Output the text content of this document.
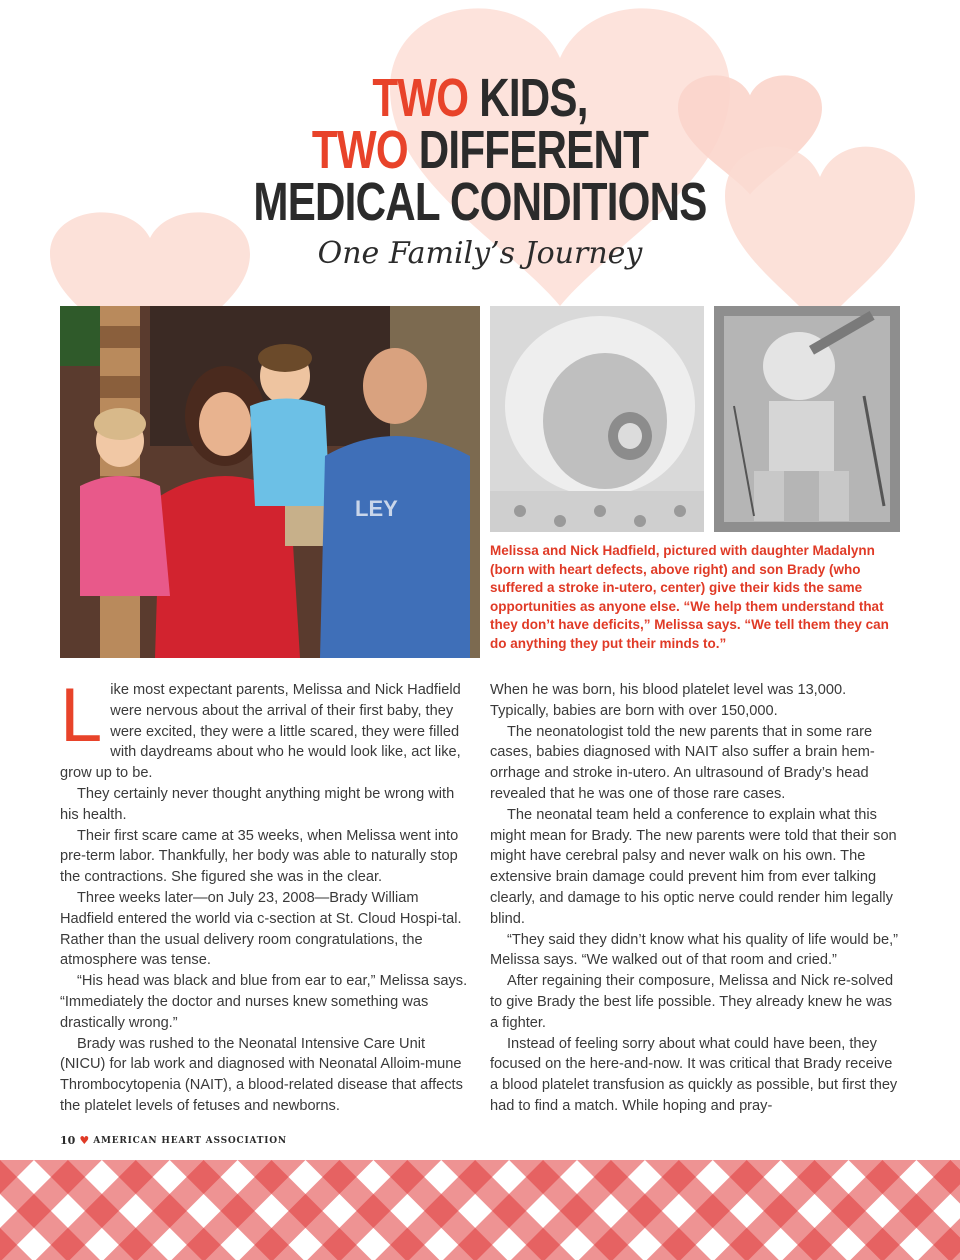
TWO KIDS,
TWO DIFFERENT
MEDICAL CONDITIONS
One Family’s Journey
LEY
Melissa and Nick Hadfield, pictured with daughter Madalynn (born with heart defects, above right) and son Brady (who suffered a stroke in-utero, center) give their kids the same opportunities as anyone else. “We help them understand that they don’t have deficits,” Melissa says. “We tell them they can do anything they put their minds to.”

Like most expectant parents, Melissa and Nick Hadfield were nervous about the arrival of their first baby, they were excited, they were a little scared, they were filled with daydreams about who he would look like, act like, grow up to be.

They certainly never thought anything might be wrong with his health.

Their first scare came at 35 weeks, when Melissa went into pre-term labor. Thankfully, her body was able to naturally stop the contractions. She figured she was in the clear.

Three weeks later—on July 23, 2008—Brady William Hadfield entered the world via c-section at St. Cloud Hospi-tal. Rather than the usual delivery room congratulations, the atmosphere was tense.

“His head was black and blue from ear to ear,” Melissa says. “Immediately the doctor and nurses knew something was drastically wrong.”

Brady was rushed to the Neonatal Intensive Care Unit (NICU) for lab work and diagnosed with Neonatal Alloim-mune Thrombocytopenia (NAIT), a blood-related disease that affects the platelet levels of fetuses and newborns.

When he was born, his blood platelet level was 13,000. Typically, babies are born with over 150,000.

The neonatologist told the new parents that in some rare cases, babies diagnosed with NAIT also suffer a brain hem-orrhage and stroke in-utero. An ultrasound of Brady’s head revealed that he was one of those rare cases.

The neonatal team held a conference to explain what this might mean for Brady. The new parents were told that their son might have cerebral palsy and never walk on his own. The extensive brain damage could prevent him from ever talking clearly, and damage to his optic nerve could render him legally blind.

“They said they didn’t know what his quality of life would be,” Melissa says. “We walked out of that room and cried.”

After regaining their composure, Melissa and Nick re-solved to give Brady the best life possible. They already knew he was a fighter.

Instead of feeling sorry about what could have been, they focused on the here-and-now. It was critical that Brady receive a blood platelet transfusion as quickly as possible, but first they had to find a match. While hoping and pray-

10 ♥ AMERICAN HEART ASSOCIATION
